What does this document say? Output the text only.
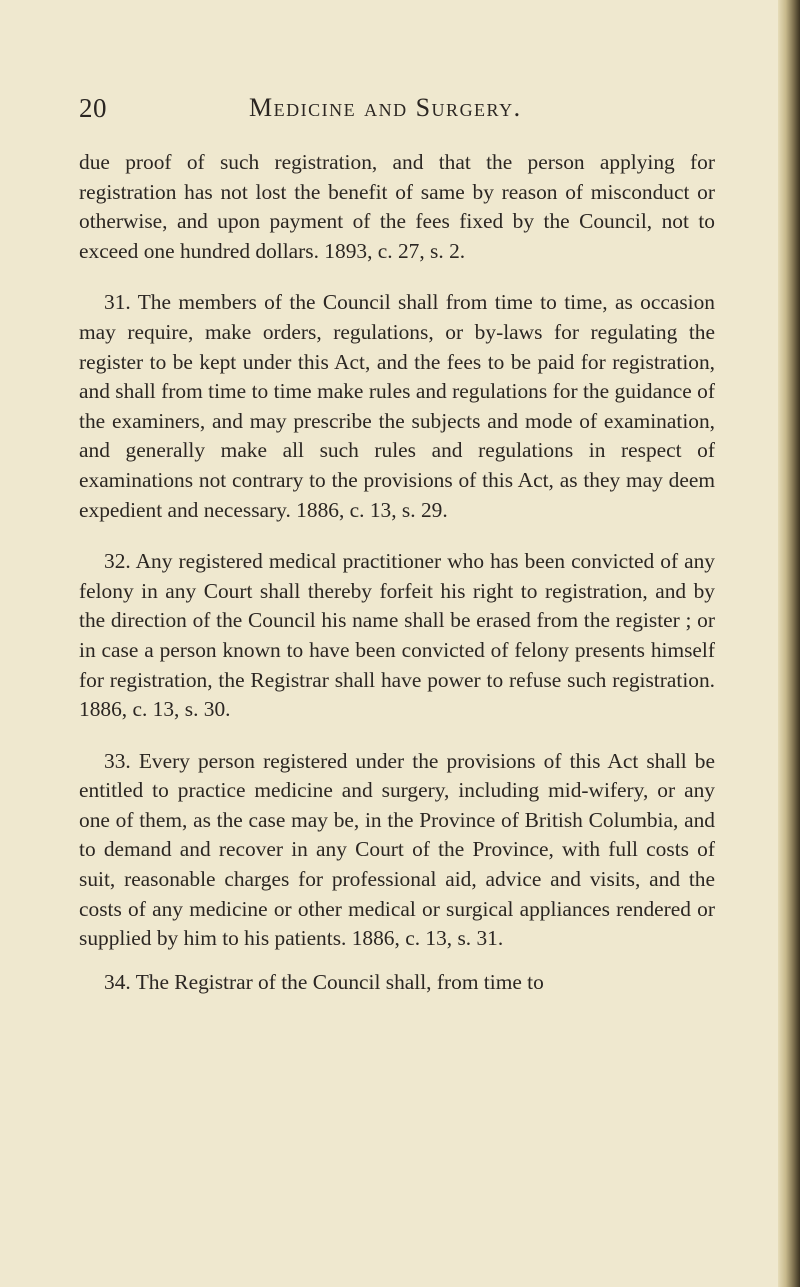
20	Medicine and Surgery.

due proof of such registration, and that the person applying for registration has not lost the benefit of same by reason of misconduct or otherwise, and upon payment of the fees fixed by the Council, not to exceed one hundred dollars. 1893, c. 27, s. 2.

31. The members of the Council shall from time to time, as occasion may require, make orders, regulations, or by-laws for regulating the register to be kept under this Act, and the fees to be paid for registration, and shall from time to time make rules and regulations for the guidance of the examiners, and may prescribe the subjects and mode of examination, and generally make all such rules and regulations in respect of examinations not contrary to the provisions of this Act, as they may deem expedient and necessary. 1886, c. 13, s. 29.

32. Any registered medical practitioner who has been convicted of any felony in any Court shall thereby forfeit his right to registration, and by the direction of the Council his name shall be erased from the register ; or in case a person known to have been convicted of felony presents himself for registration, the Registrar shall have power to refuse such registration. 1886, c. 13, s. 30.

33. Every person registered under the provisions of this Act shall be entitled to practice medicine and surgery, including mid-wifery, or any one of them, as the case may be, in the Province of British Columbia, and to demand and recover in any Court of the Province, with full costs of suit, reasonable charges for professional aid, advice and visits, and the costs of any medicine or other medical or surgical appliances rendered or supplied by him to his patients. 1886, c. 13, s. 31.

34. The Registrar of the Council shall, from time to
